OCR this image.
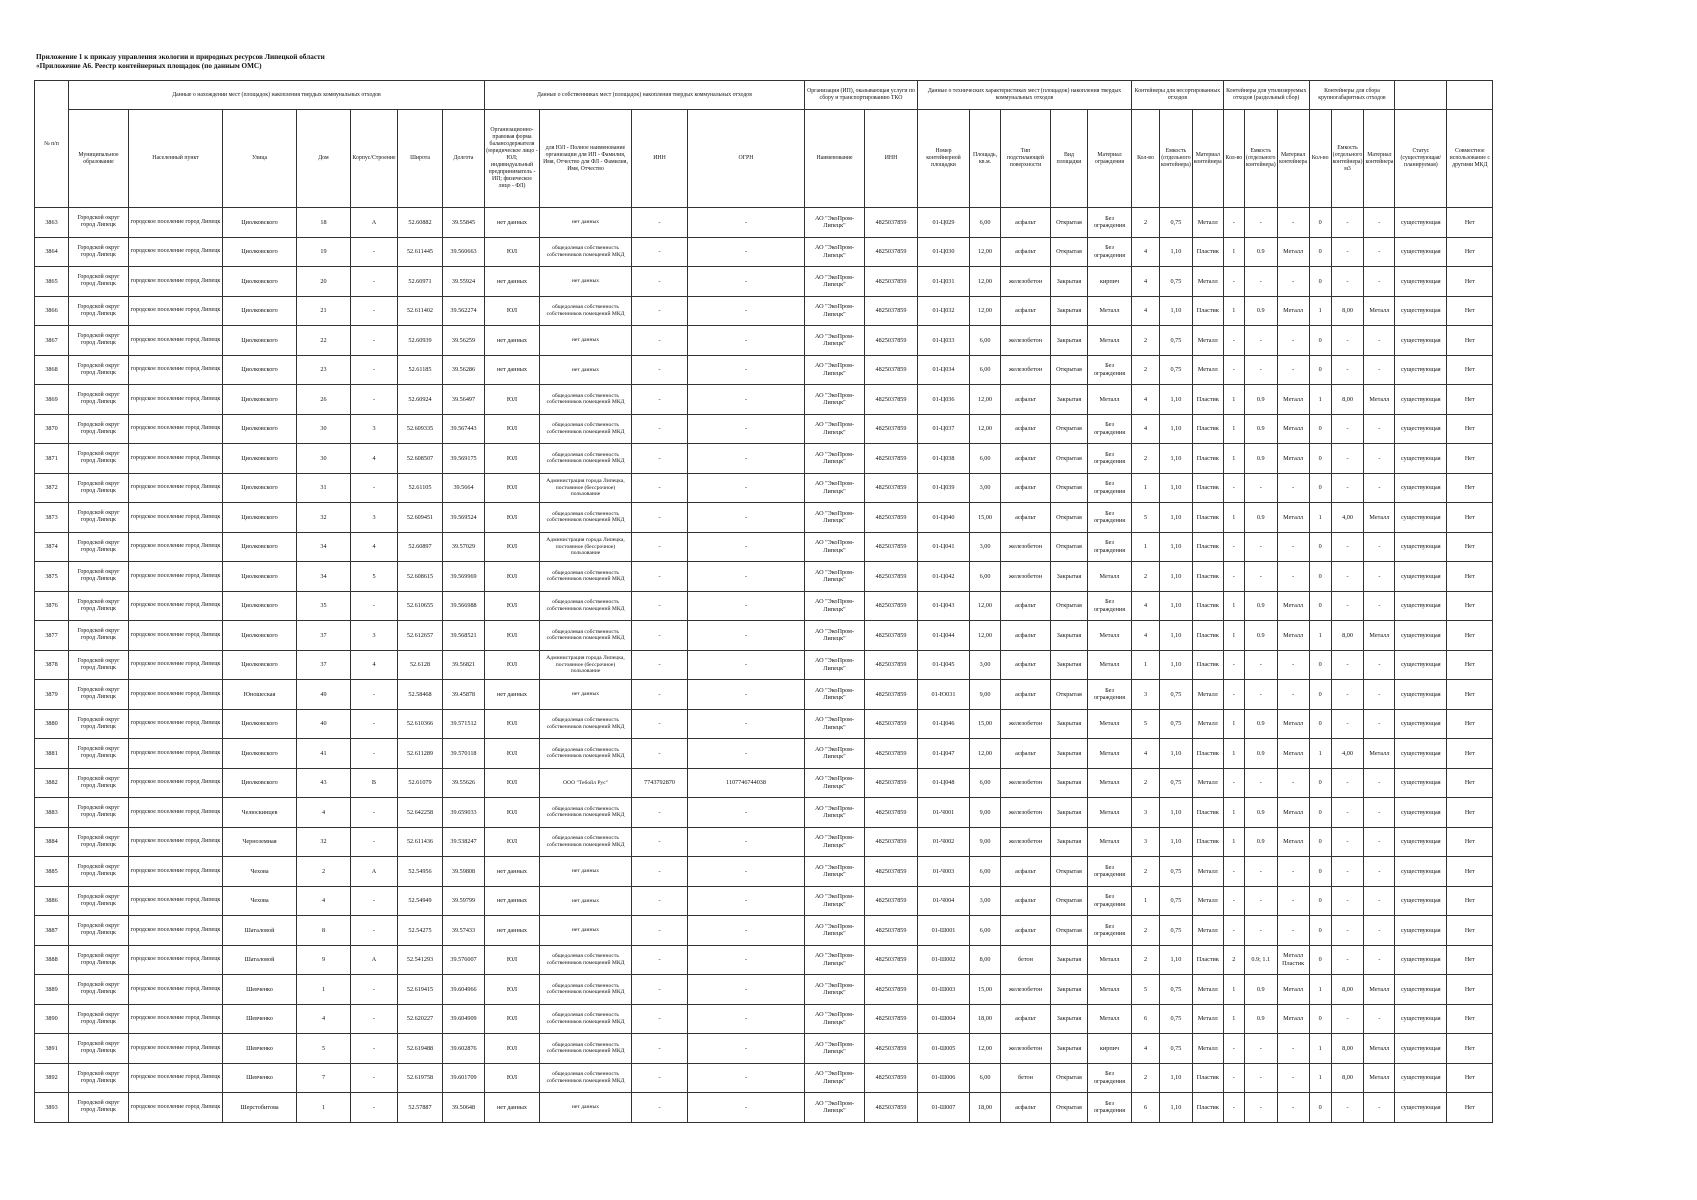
Приложение 1 к приказу управления экологии и природных ресурсов Липецкой области
«Приложение А6. Реестр контейнерных площадок (по данным ОМС)
№ п/п	Данные о нахождении мест (площадок) накопления твердых коммунальных отходов							Данные о собственниках мест (площадок) накопления твердых коммунальных отходов				Организация (ИП), оказывающая услуги по сбору и транспортированию ТКО		Данные о технических характеристиках мест (площадок) накопления твердых коммунальных отходов					Контейнеры для несортированных отходов			Контейнеры для утилизируемых отходов (раздельный сбор)			Контейнеры для сбора крупногабаритных отходов				
	Муниципальное образование	Населенный пункт	Улица	Дом	Корпус/Строение	Широта	Долгота	Организационно-правовая форма балансодержателя (юридическое лицо - ЮЛ; индивидуальный предприниматель - ИП; физическое лицо - ФЛ)	для ЮЛ - Полное наименование организации для ИП - Фамилия, Имя, Отчество для ФЛ - Фамилия, Имя, Отчество	ИНН	ОГРН	Наименование	ИНН	Номер контейнерной площадки	Площадь, кв.м.	Тип подстилающей поверхности	Вид площадки	Материал ограждения	Кол-во	Емкость (отдельного контейнера)	Материал контейнера	Кол-во	Емкость (отдельного контейнера)	Материал контейнера	Кол-во	Емкость (отдельного контейнера) м3	Материал контейнера	Статус (существующая/ планируемая)	Совместное использование с другими МКД
3863	Городской округ город Липецк	городское поселение город Липецк	Циолковского	18	А	52.60882	39.55845	нет данных	нет данных	-	-	АО "ЭкоПром-Липецк"	4825037859	01-Ц029	6,00	асфальт	Открытая	Без ограждения	2	0,75	Металл	-	-	-	0	-	-	существующая	Нет
3864	Городской округ город Липецк	городское поселение город Липецк	Циолковского	19	-	52.611445	39.560663	ЮЛ	общедолевая собственность собственников помещений МКД	-	-	АО "ЭкоПром-Липецк"	4825037859	01-Ц030	12,00	асфальт	Открытая	Без ограждения	4	1,10	Пластик	1	0.9	Металл	0	-	-	существующая	Нет
3865	Городской округ город Липецк	городское поселение город Липецк	Циолковского	20	-	52.60971	39.55924	нет данных	нет данных	-	-	АО "ЭкоПром-Липецк"	4825037859	01-Ц031	12,00	железобетон	Закрытая	кирпич	4	0,75	Металл	-	-	-	0	-	-	существующая	Нет
3866	Городской округ город Липецк	городское поселение город Липецк	Циолковского	21	-	52.611402	39.562274	ЮЛ	общедолевая собственность собственников помещений МКД	-	-	АО "ЭкоПром-Липецк"	4825037859	01-Ц032	12,00	асфальт	Закрытая	Металл	4	1,10	Пластик	1	0.9	Металл	1	8,00	Металл	существующая	Нет
3867	Городской округ город Липецк	городское поселение город Липецк	Циолковского	22	-	52.60939	39.56259	нет данных	нет данных	-	-	АО "ЭкоПром-Липецк"	4825037859	01-Ц033	6,00	железобетон	Закрытая	Металл	2	0,75	Металл	-	-	-	0	-	-	существующая	Нет
3868	Городской округ город Липецк	городское поселение город Липецк	Циолковского	23	-	52.61185	39.56286	нет данных	нет данных	-	-	АО "ЭкоПром-Липецк"	4825037859	01-Ц034	6,00	железобетон	Открытая	Без ограждения	2	0,75	Металл	-	-	-	0	-	-	существующая	Нет
3869	Городской округ город Липецк	городское поселение город Липецк	Циолковского	26	-	52.60924	39.56497	ЮЛ	общедолевая собственность собственников помещений МКД	-	-	АО "ЭкоПром-Липецк"	4825037859	01-Ц036	12,00	асфальт	Закрытая	Металл	4	1,10	Пластик	1	0.9	Металл	1	8,00	Металл	существующая	Нет
3870	Городской округ город Липецк	городское поселение город Липецк	Циолковского	30	3	52.609335	39.567443	ЮЛ	общедолевая собственность собственников помещений МКД	-	-	АО "ЭкоПром-Липецк"	4825037859	01-Ц037	12,00	асфальт	Открытая	Без ограждения	4	1,10	Пластик	1	0.9	Металл	0	-	-	существующая	Нет
3871	Городской округ город Липецк	городское поселение город Липецк	Циолковского	30	4	52.608507	39.569175	ЮЛ	общедолевая собственность собственников помещений МКД	-	-	АО "ЭкоПром-Липецк"	4825037859	01-Ц038	6,00	асфальт	Открытая	Без ограждения	2	1,10	Пластик	1	0.9	Металл	0	-	-	существующая	Нет
3872	Городской округ город Липецк	городское поселение город Липецк	Циолковского	31	-	52.61105	39.5664	ЮЛ	Администрация города Липецка, постоянное (бессрочное) пользование	-	-	АО "ЭкоПром-Липецк"	4825037859	01-Ц039	3,00	асфальт	Открытая	Без ограждения	1	1,10	Пластик	-	-	-	0	-	-	существующая	Нет
3873	Городской округ город Липецк	городское поселение город Липецк	Циолковского	32	3	52.609451	39.569524	ЮЛ	общедолевая собственность собственников помещений МКД	-	-	АО "ЭкоПром-Липецк"	4825037859	01-Ц040	15,00	асфальт	Открытая	Без ограждения	5	1,10	Пластик	1	0.9	Металл	1	4,00	Металл	существующая	Нет
3874	Городской округ город Липецк	городское поселение город Липецк	Циолковского	34	4	52.60897	39.57029	ЮЛ	Администрация города Липецка, постоянное (бессрочное) пользование	-	-	АО "ЭкоПром-Липецк"	4825037859	01-Ц041	3,00	железобетон	Открытая	Без ограждения	1	1,10	Пластик	-	-	-	0	-	-	существующая	Нет
3875	Городской округ город Липецк	городское поселение город Липецк	Циолковского	34	5	52.608615	39.569969	ЮЛ	общедолевая собственность собственников помещений МКД	-	-	АО "ЭкоПром-Липецк"	4825037859	01-Ц042	6,00	железобетон	Закрытая	Металл	2	1,10	Пластик	-	-	-	0	-	-	существующая	Нет
3876	Городской округ город Липецк	городское поселение город Липецк	Циолковского	35	-	52.610655	39.566988	ЮЛ	общедолевая собственность собственников помещений МКД	-	-	АО "ЭкоПром-Липецк"	4825037859	01-Ц043	12,00	асфальт	Открытая	Без ограждения	4	1,10	Пластик	1	0.9	Металл	0	-	-	существующая	Нет
3877	Городской округ город Липецк	городское поселение город Липецк	Циолковского	37	3	52.612657	39.568521	ЮЛ	общедолевая собственность собственников помещений МКД	-	-	АО "ЭкоПром-Липецк"	4825037859	01-Ц044	12,00	асфальт	Закрытая	Металл	4	1,10	Пластик	1	0.9	Металл	1	8,00	Металл	существующая	Нет
3878	Городской округ город Липецк	городское поселение город Липецк	Циолковского	37	4	52.6128	39.56821	ЮЛ	Администрация города Липецка, постоянное (бессрочное) пользование	-	-	АО "ЭкоПром-Липецк"	4825037859	01-Ц045	3,00	асфальт	Закрытая	Металл	1	1,10	Пластик	-	-	-	0	-	-	существующая	Нет
3879	Городской округ город Липецк	городское поселение город Липецк	Юношеская	49	-	52.58468	39.45878	нет данных	нет данных	-	-	АО "ЭкоПром-Липецк"	4825037859	01-Ю031	9,00	асфальт	Открытая	Без ограждения	3	0,75	Металл	-	-	-	0	-	-	существующая	Нет
3880	Городской округ город Липецк	городское поселение город Липецк	Циолковского	40	-	52.610366	39.571512	ЮЛ	общедолевая собственность собственников помещений МКД	-	-	АО "ЭкоПром-Липецк"	4825037859	01-Ц046	15,00	железобетон	Закрытая	Металл	5	0,75	Металл	1	0.9	Металл	0	-	-	существующая	Нет
3881	Городской округ город Липецк	городское поселение город Липецк	Циолковского	41	-	52.611289	39.570118	ЮЛ	общедолевая собственность собственников помещений МКД	-	-	АО "ЭкоПром-Липецк"	4825037859	01-Ц047	12,00	асфальт	Закрытая	Металл	4	1,10	Пластик	1	0.9	Металл	1	4,00	Металл	существующая	Нет
3882	Городской округ город Липецк	городское поселение город Липецк	Циолковского	43	В	52.61079	39.55626	ЮЛ	ООО "Тебойл Рус"	7743792870	1107746744038	АО "ЭкоПром-Липецк"	4825037859	01-Ц048	6,00	железобетон	Закрытая	Металл	2	0,75	Металл	-	-	-	0	-	-	существующая	Нет
3883	Городской округ город Липецк	городское поселение город Липецк	Челюскинцев	4	-	52.642258	39.659033	ЮЛ	общедолевая собственность собственников помещений МКД	-	-	АО "ЭкоПром-Липецк"	4825037859	01-Ч001	9,00	железобетон	Закрытая	Металл	3	1,10	Пластик	1	0.9	Металл	0	-	-	существующая	Нет
3884	Городской округ город Липецк	городское поселение город Липецк	Черноземная	32	-	52.611436	39.538247	ЮЛ	общедолевая собственность собственников помещений МКД	-	-	АО "ЭкоПром-Липецк"	4825037859	01-Ч002	9,00	железобетон	Закрытая	Металл	3	1,10	Пластик	1	0.9	Металл	0	-	-	существующая	Нет
3885	Городской округ город Липецк	городское поселение город Липецк	Чехова	2	А	52.54956	39.59808	нет данных	нет данных	-	-	АО "ЭкоПром-Липецк"	4825037859	01-Ч003	6,00	асфальт	Открытая	Без ограждения	2	0,75	Металл	-	-	-	0	-	-	существующая	Нет
3886	Городской округ город Липецк	городское поселение город Липецк	Чехова	4	-	52.54949	39.59799	нет данных	нет данных	-	-	АО "ЭкоПром-Липецк"	4825037859	01-Ч004	3,00	асфальт	Открытая	Без ограждения	1	0,75	Металл	-	-	-	0	-	-	существующая	Нет
3887	Городской округ город Липецк	городское поселение город Липецк	Шаталовой	8	-	52.54275	39.57433	нет данных	нет данных	-	-	АО "ЭкоПром-Липецк"	4825037859	01-Ш001	6,00	асфальт	Открытая	Без ограждения	2	0,75	Металл	-	-	-	0	-	-	существующая	Нет
3888	Городской округ город Липецк	городское поселение город Липецк	Шаталовой	9	А	52.541293	39.576007	ЮЛ	общедолевая собственность собственников помещений МКД	-	-	АО "ЭкоПром-Липецк"	4825037859	01-Ш002	8,00	бетон	Закрытая	Металл	2	1,10	Пластик	2	0.9; 1.1	Металл Пластик	0	-	-	существующая	Нет
3889	Городской округ город Липецк	городское поселение город Липецк	Шевченко	1	-	52.619415	39.604966	ЮЛ	общедолевая собственность собственников помещений МКД	-	-	АО "ЭкоПром-Липецк"	4825037859	01-Ш003	15,00	железобетон	Закрытая	Металл	5	0,75	Металл	1	0.9	Металл	1	8,00	Металл	существующая	Нет
3890	Городской округ город Липецк	городское поселение город Липецк	Шевченко	4	-	52.620227	39.604909	ЮЛ	общедолевая собственность собственников помещений МКД	-	-	АО "ЭкоПром-Липецк"	4825037859	01-Ш004	18,00	асфальт	Закрытая	Металл	6	0,75	Металл	1	0.9	Металл	0	-	-	существующая	Нет
3891	Городской округ город Липецк	городское поселение город Липецк	Шевченко	5	-	52.619488	39.602876	ЮЛ	общедолевая собственность собственников помещений МКД	-	-	АО "ЭкоПром-Липецк"	4825037859	01-Ш005	12,00	железобетон	Закрытая	кирпич	4	0,75	Металл	-	-	-	1	8,00	Металл	существующая	Нет
3892	Городской округ город Липецк	городское поселение город Липецк	Шевченко	7	-	52.619758	39.601709	ЮЛ	общедолевая собственность собственников помещений МКД	-	-	АО "ЭкоПром-Липецк"	4825037859	01-Ш006	6,00	бетон	Открытая	Без ограждения	2	1,10	Пластик	-	-	-	1	8,00	Металл	существующая	Нет
3893	Городской округ город Липецк	городское поселение город Липецк	Шерстобитова	1	-	52.57887	39.50648	нет данных	нет данных	-	-	АО "ЭкоПром-Липецк"	4825037859	01-Ш007	18,00	асфальт	Открытая	Без ограждения	6	1,10	Пластик	-	-	-	0	-	-	существующая	Нет
